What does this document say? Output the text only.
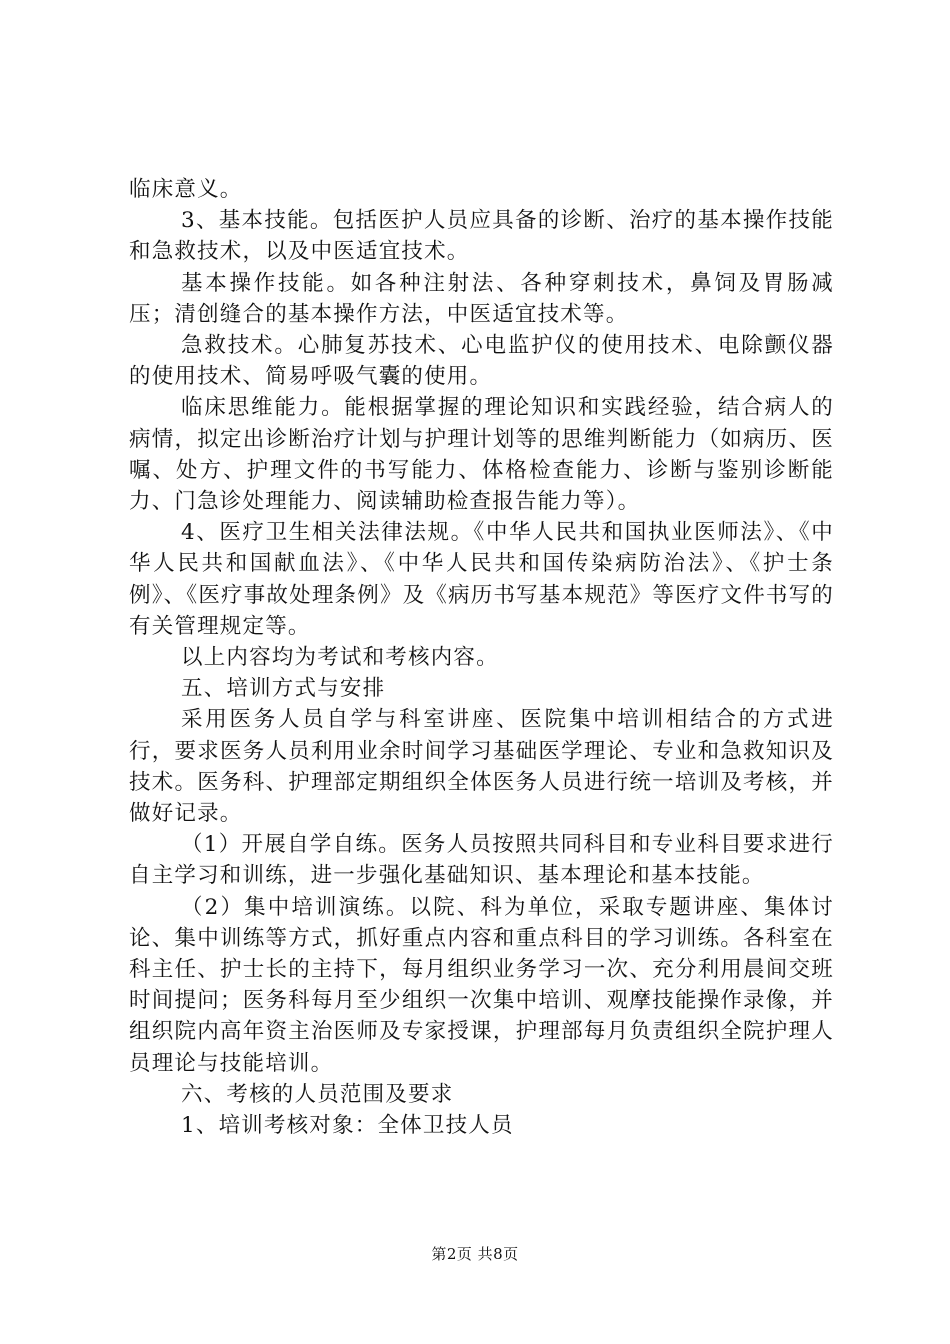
临床意义。

3、基本技能。包括医护人员应具备的诊断、治疗的基本操作技能和急救技术，以及中医适宜技术。

基本操作技能。如各种注射法、各种穿刺技术，鼻饲及胃肠减压；清创缝合的基本操作方法，中医适宜技术等。

急救技术。心肺复苏技术、心电监护仪的使用技术、电除颤仪器的使用技术、简易呼吸气囊的使用。

临床思维能力。能根据掌握的理论知识和实践经验，结合病人的病情，拟定出诊断治疗计划与护理计划等的思维判断能力（如病历、医嘱、处方、护理文件的书写能力、体格检查能力、诊断与鉴别诊断能力、门急诊处理能力、阅读辅助检查报告能力等）。

4、医疗卫生相关法律法规。《中华人民共和国执业医师法》、《中华人民共和国献血法》、《中华人民共和国传染病防治法》、《护士条例》、《医疗事故处理条例》及《病历书写基本规范》等医疗文件书写的有关管理规定等。

以上内容均为考试和考核内容。

五、培训方式与安排

采用医务人员自学与科室讲座、医院集中培训相结合的方式进行，要求医务人员利用业余时间学习基础医学理论、专业和急救知识及技术。医务科、护理部定期组织全体医务人员进行统一培训及考核，并做好记录。

（1）开展自学自练。医务人员按照共同科目和专业科目要求进行自主学习和训练，进一步强化基础知识、基本理论和基本技能。

（2）集中培训演练。以院、科为单位，采取专题讲座、集体讨论、集中训练等方式，抓好重点内容和重点科目的学习训练。各科室在科主任、护士长的主持下，每月组织业务学习一次、充分利用晨间交班时间提问；医务科每月至少组织一次集中培训、观摩技能操作录像，并组织院内高年资主治医师及专家授课，护理部每月负责组织全院护理人员理论与技能培训。

六、考核的人员范围及要求

1、培训考核对象：全体卫技人员

第2页 共8页
